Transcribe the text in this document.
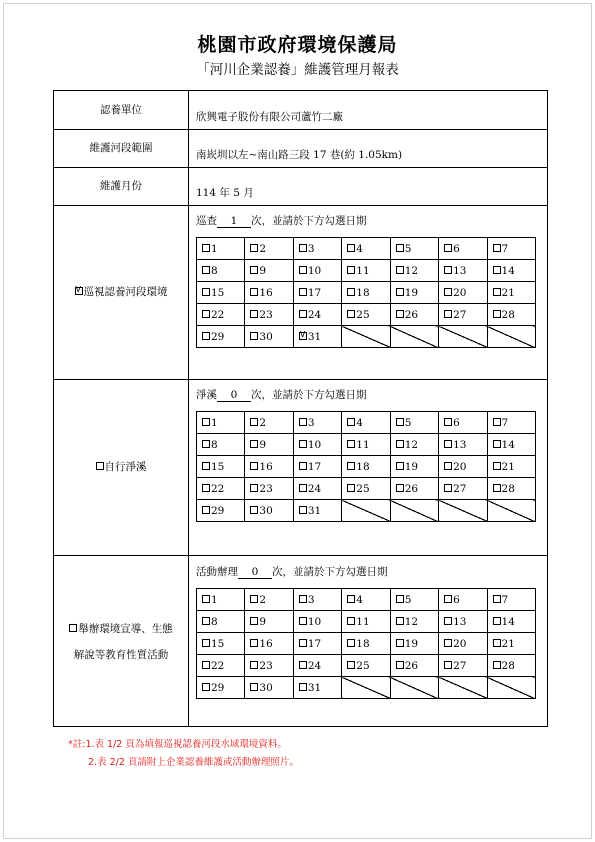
桃園市政府環境保護局
「河川企業認養」維護管理月報表
認養單位
欣興電子股份有限公司蘆竹二廠
維護河段範圍
南崁圳以左~南山路三段 17 巷(約 1.05km)
維護月份
114 年 5 月
V巡視認養河段環境
巡查 1 次，並請於下方勾選日期
1	2	3	4	5	6	7
8	9	10	11	12	13	14
15	16	17	18	19	20	21
22	23	24	25	26	27	28
29	30	V31				
自行淨溪
淨溪 0 次，並請於下方勾選日期
1	2	3	4	5	6	7
8	9	10	11	12	13	14
15	16	17	18	19	20	21
22	23	24	25	26	27	28
29	30	31				
舉辦環境宣導、生態
解說等教育性質活動
活動辦理 0 次，並請於下方勾選日期
1	2	3	4	5	6	7
8	9	10	11	12	13	14
15	16	17	18	19	20	21
22	23	24	25	26	27	28
29	30	31				
*註:1.表 1/2 頁為填報巡視認養河段水域環境資料。
2.表 2/2 頁請附上企業認養維護或活動辦理照片。
